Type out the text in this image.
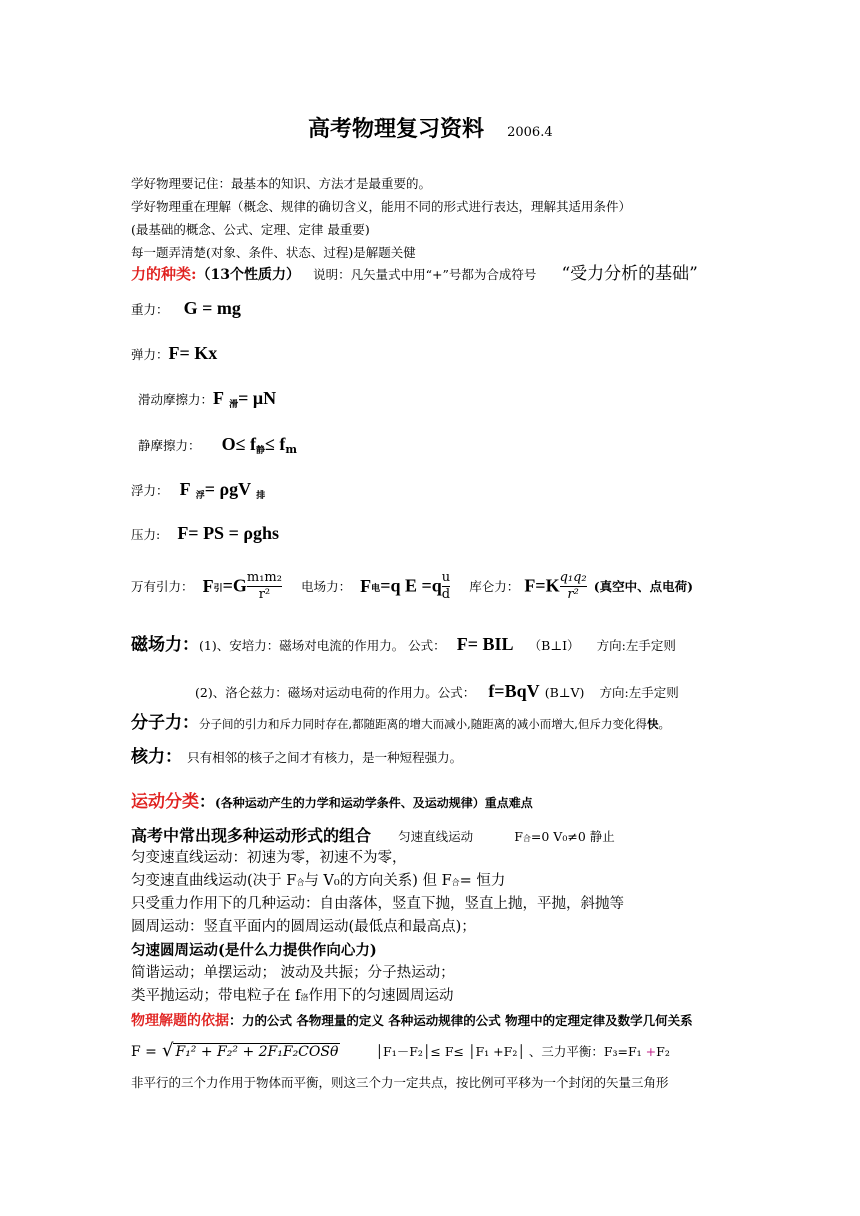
高考物理复习资料 2006.4
学好物理要记住：最基本的知识、方法才是最重要的。
学好物理重在理解（概念、规律的确切含义，能用不同的形式进行表达，理解其适用条件）
(最基础的概念、公式、定理、定律 最重要)
每一题弄清楚(对象、条件、状态、过程)是解题关健
力的种类:（13个性质力） 说明：凡矢量式中用“+”号都为合成符号 “受力分析的基础”
重力： G = mg
弹力：F= Kx
滑动摩擦力：F 滑= μN
静摩擦力： O≤ f静≤ fm
浮力： F 浮= ρgV 排
压力: F= PS = ρghs
万有引力： F引$=G \frac{\text{m₁m₂}}{\text{r²}}$ 电场力： F电=q $E =q \frac{u}{d}$ 库仑力： $F=K \frac{\text{q₁q₂}}{\text{r²}}$ (真空中、点电荷)
磁场力：(1)、安培力：磁场对电流的作用力。 公式： F= BIL （B⊥I） 方向:左手定则
(2)、洛仑兹力：磁场对运动电荷的作用力。公式： f=BqV (B⊥V) 方向:左手定则
分子力：分子间的引力和斥力同时存在,都随距离的增大而减小,随距离的减小而增大,但斥力变化得快。
核力： 只有相邻的核子之间才有核力，是一种短程强力。
运动分类：(各种运动产生的力学和运动学条件、及运动规律）重点难点
高考中常出现多种运动形式的组合 匀速直线运动	F合=0 V₀≠0 静止
匀变速直线运动：初速为零，初速不为零，
匀变速直曲线运动(决于 F合与 V₀的方向关系) 但 F合= 恒力
只受重力作用下的几种运动：自由落体，竖直下抛，竖直上抛，平抛，斜抛等
圆周运动：竖直平面内的圆周运动(最低点和最高点)；
匀速圆周运动(是什么力提供作向心力)
简谐运动；单摆运动； 波动及共振；分子热运动；
类平抛运动；带电粒子在 f洛作用下的匀速圆周运动
物理解题的依据：力的公式 各物理量的定义 各种运动规律的公式 物理中的定理定律及数学几何关系
F = √ F₁² + F₂² + 2F₁F₂COSθ	│F₁－F₂│≤ F≤ │F₁ +F₂│ 、三力平衡：F₃=F₁ +F₂
非平行的三个力作用于物体而平衡，则这三个力一定共点，按比例可平移为一个封闭的矢量三角形
